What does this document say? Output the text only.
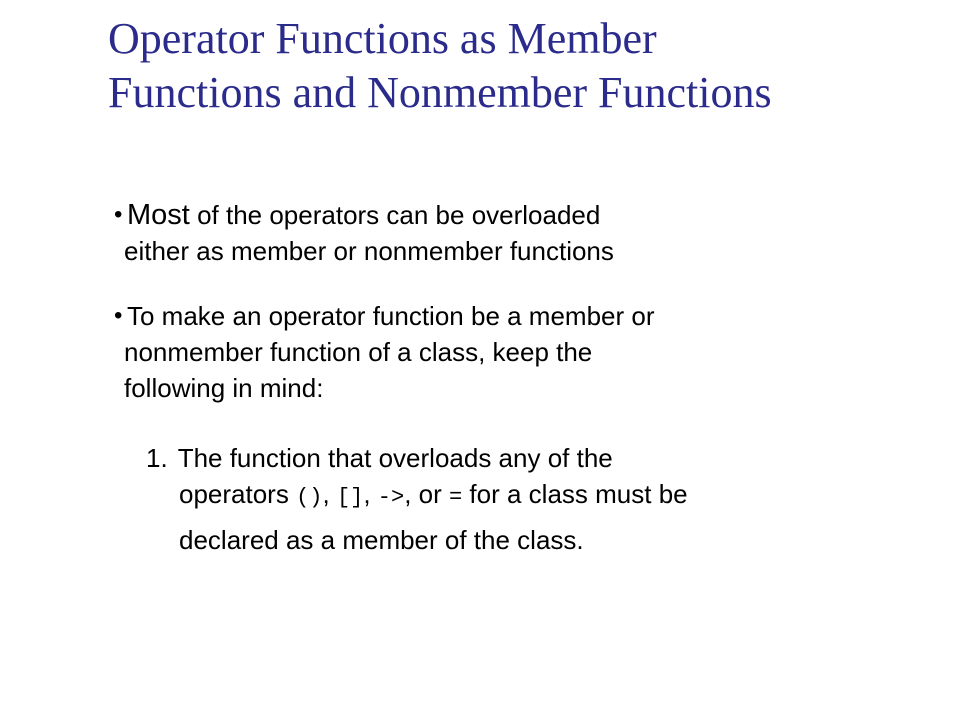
Operator Functions as Member
Functions and Nonmember Functions
• Most of the operators can be overloaded
either as member or nonmember functions
• To make an operator function be a member or
nonmember function of a class, keep the
following in mind:
1. The function that overloads any of the
operators (), [], ->, or = for a class must be
declared as a member of the class.
